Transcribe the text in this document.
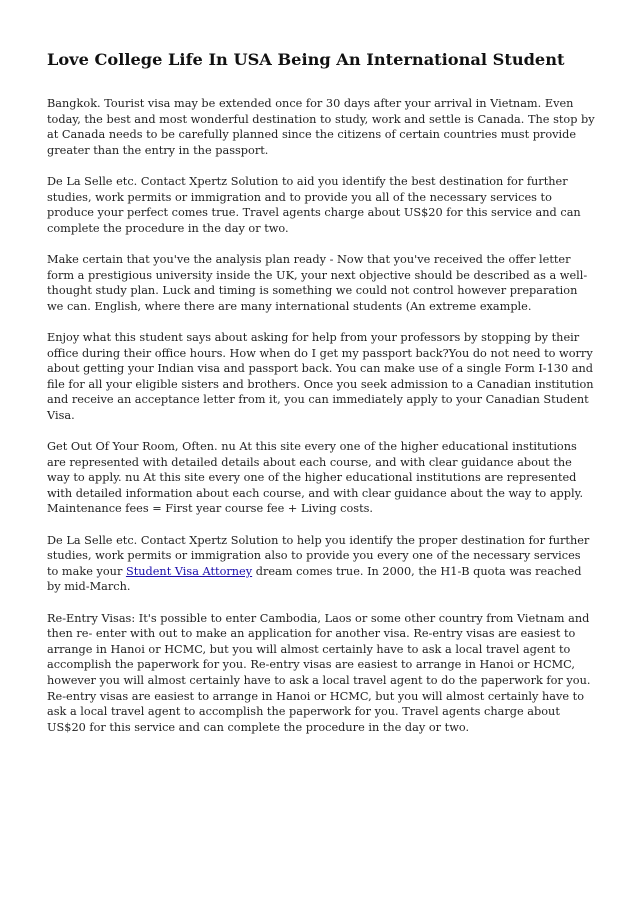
Love College Life In USA Being An International Student

Bangkok. Tourist visa may be extended once for 30 days after your arrival in Vietnam. Even today, the best and most wonderful destination to study, work and settle is Canada. The stop by at Canada needs to be carefully planned since the citizens of certain countries must provide greater than the entry in the passport.

De La Selle etc. Contact Xpertz Solution to aid you identify the best destination for further studies, work permits or immigration and to provide you all of the necessary services to produce your perfect comes true. Travel agents charge about US$20 for this service and can complete the procedure in the day or two.

Make certain that you've the analysis plan ready - Now that you've received the offer letter form a prestigious university inside the UK, your next objective should be described as a well-thought study plan. Luck and timing is something we could not control however preparation we can. English, where there are many international students (An extreme example.

Enjoy what this student says about asking for help from your professors by stopping by their office during their office hours. How when do I get my passport back?You do not need to worry about getting your Indian visa and passport back. You can make use of a single Form I-130 and file for all your eligible sisters and brothers. Once you seek admission to a Canadian institution and receive an acceptance letter from it, you can immediately apply to your Canadian Student Visa.

Get Out Of Your Room, Often. nu At this site every one of the higher educational institutions are represented with detailed details about each course, and with clear guidance about the way to apply. nu At this site every one of the higher educational institutions are represented with detailed information about each course, and with clear guidance about the way to apply. Maintenance fees = First year course fee + Living costs.

De La Selle etc. Contact Xpertz Solution to help you identify the proper destination for further studies, work permits or immigration also to provide you every one of the necessary services to make your Student Visa Attorney dream comes true. In 2000, the H1-B quota was reached by mid-March.

Re-Entry Visas: It's possible to enter Cambodia, Laos or some other country from Vietnam and then re- enter with out to make an application for another visa. Re-entry visas are easiest to arrange in Hanoi or HCMC, but you will almost certainly have to ask a local travel agent to accomplish the paperwork for you. Re-entry visas are easiest to arrange in Hanoi or HCMC, however you will almost certainly have to ask a local travel agent to do the paperwork for you. Re-entry visas are easiest to arrange in Hanoi or HCMC, but you will almost certainly have to ask a local travel agent to accomplish the paperwork for you. Travel agents charge about US$20 for this service and can complete the procedure in the day or two.
